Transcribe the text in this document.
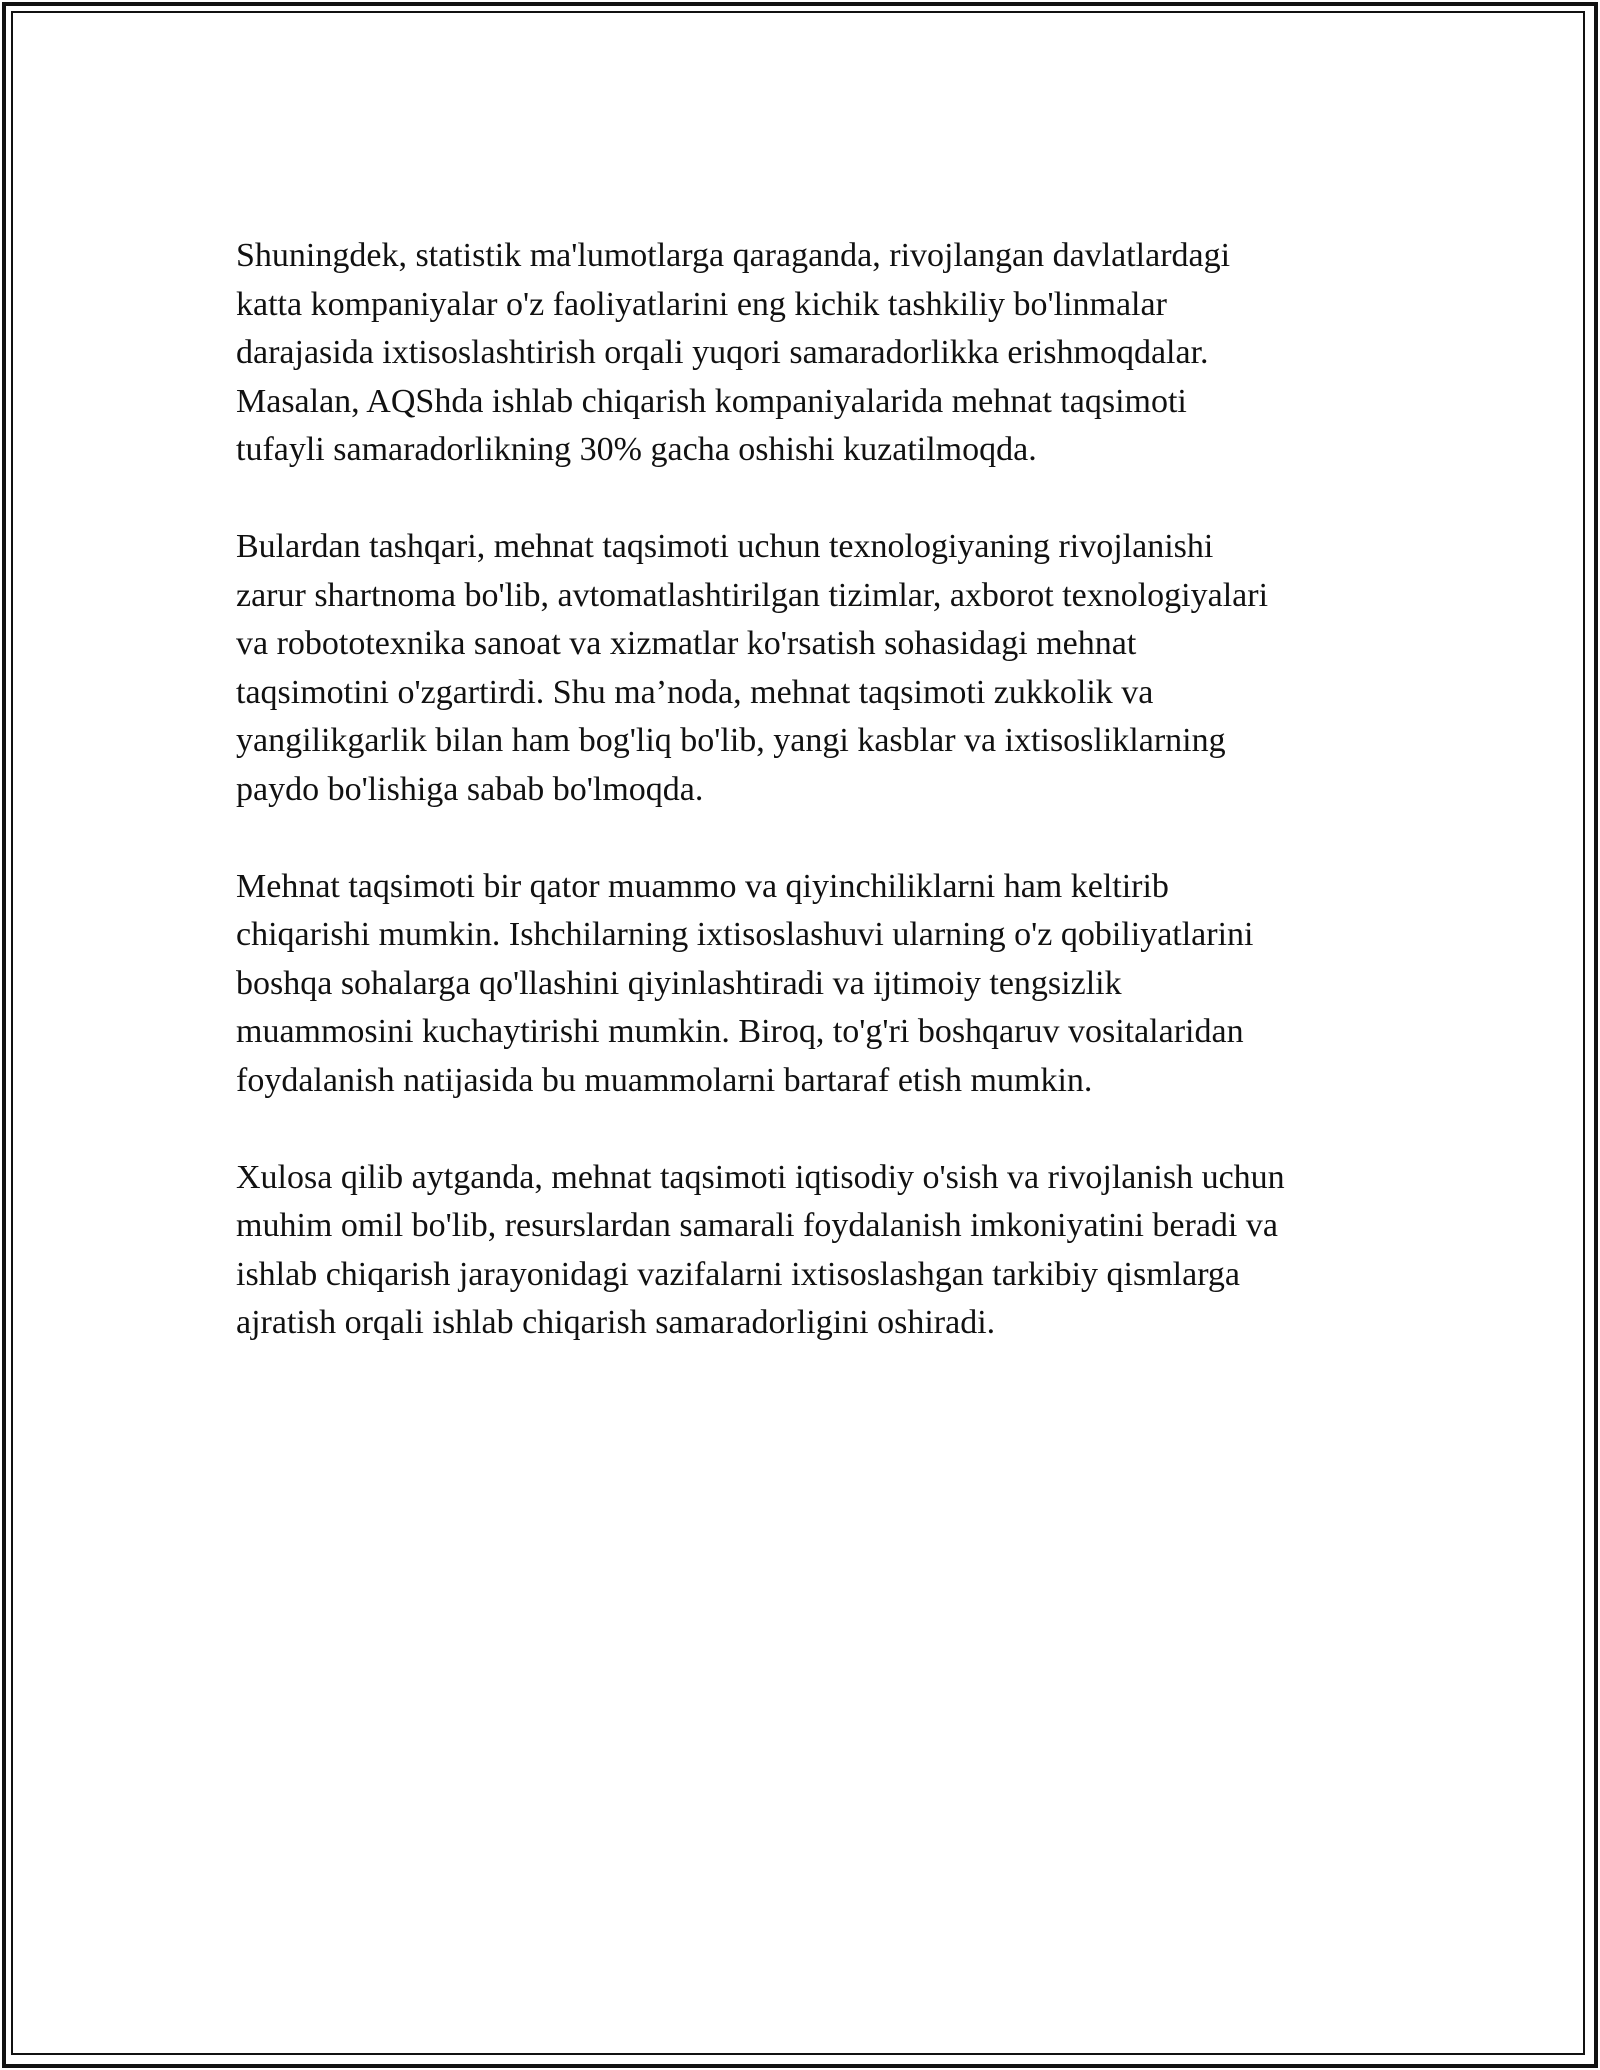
Shuningdek, statistik ma'lumotlarga qaraganda, rivojlangan davlatlardagi
katta kompaniyalar o'z faoliyatlarini eng kichik tashkiliy bo'linmalar
darajasida ixtisoslashtirish orqali yuqori samaradorlikka erishmoqdalar.
Masalan, AQShda ishlab chiqarish kompaniyalarida mehnat taqsimoti
tufayli samaradorlikning 30% gacha oshishi kuzatilmoqda.

Bulardan tashqari, mehnat taqsimoti uchun texnologiyaning rivojlanishi
zarur shartnoma bo'lib, avtomatlashtirilgan tizimlar, axborot texnologiyalari
va robototexnika sanoat va xizmatlar ko'rsatish sohasidagi mehnat
taqsimotini o'zgartirdi. Shu ma’noda, mehnat taqsimoti zukkolik va
yangilikgarlik bilan ham bog'liq bo'lib, yangi kasblar va ixtisosliklarning
paydo bo'lishiga sabab bo'lmoqda.

Mehnat taqsimoti bir qator muammo va qiyinchiliklarni ham keltirib
chiqarishi mumkin. Ishchilarning ixtisoslashuvi ularning o'z qobiliyatlarini
boshqa sohalarga qo'llashini qiyinlashtiradi va ijtimoiy tengsizlik
muammosini kuchaytirishi mumkin. Biroq, to'g'ri boshqaruv vositalaridan
foydalanish natijasida bu muammolarni bartaraf etish mumkin.

Xulosa qilib aytganda, mehnat taqsimoti iqtisodiy o'sish va rivojlanish uchun
muhim omil bo'lib, resurslardan samarali foydalanish imkoniyatini beradi va
ishlab chiqarish jarayonidagi vazifalarni ixtisoslashgan tarkibiy qismlarga
ajratish orqali ishlab chiqarish samaradorligini oshiradi.
